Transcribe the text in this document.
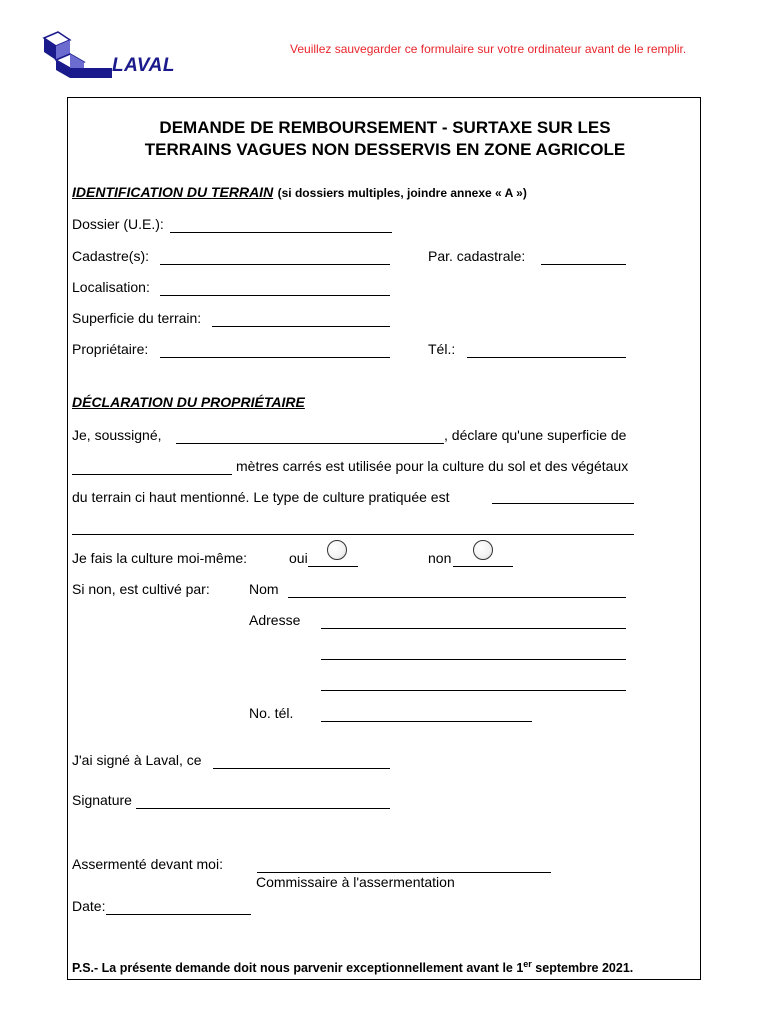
Veuillez sauvegarder ce formulaire sur votre ordinateur avant de le remplir.
LAVAL
DEMANDE DE REMBOURSEMENT - SURTAXE SUR LES
TERRAINS VAGUES NON DESSERVIS EN ZONE AGRICOLE
IDENTIFICATION DU TERRAIN (si dossiers multiples, joindre annexe « A »)
Dossier (U.E.):
Cadastre(s):	Par. cadastrale:
Localisation:
Superficie du terrain:
Propriétaire:	Tél.:
DÉCLARATION DU PROPRIÉTAIRE
Je, soussigné,	, déclare qu'une superficie de
mètres carrés est utilisée pour la culture du sol et des végétaux
du terrain ci haut mentionné. Le type de culture pratiquée est
Je fais la culture moi-même:	oui	non
Si non, est cultivé par:	Nom
Adresse
No. tél.
J'ai signé à Laval, ce
Signature
Assermenté devant moi:
Commissaire à l'assermentation
Date:
P.S.- La présente demande doit nous parvenir exceptionnellement avant le 1er septembre 2021.
